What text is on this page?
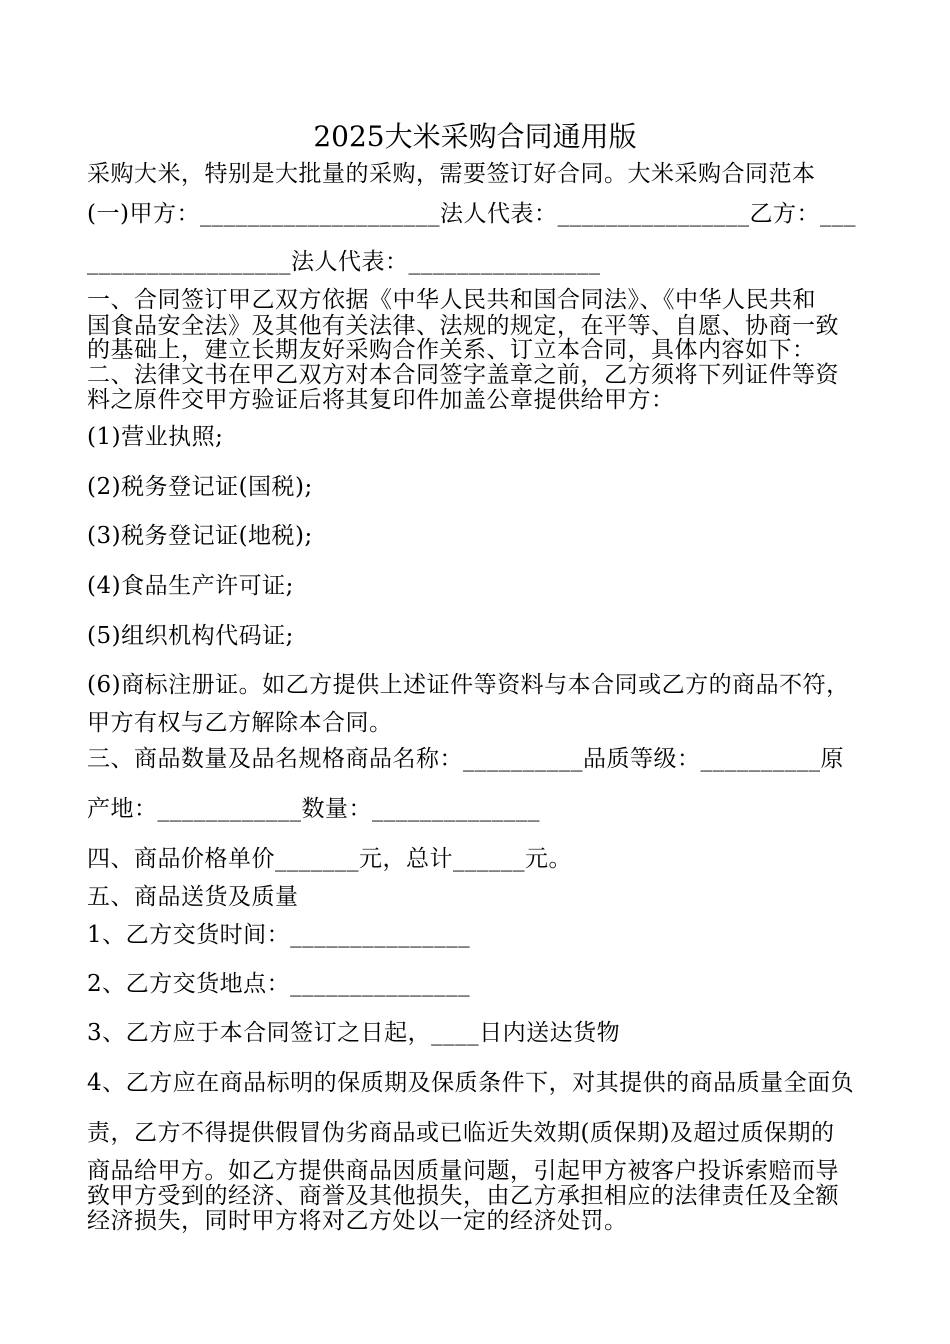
2025大米采购合同通用版
采购大米，特别是大批量的采购，需要签订好合同。大米采购合同范本
(一)甲方：____________________法人代表：________________乙方：___
_________________法人代表：________________
一、合同签订甲乙双方依据《中华人民共和国合同法》、《中华人民共和
国食品安全法》及其他有关法律、法规的规定，在平等、自愿、协商一致
的基础上，建立长期友好采购合作关系、订立本合同，具体内容如下：
二、法律文书在甲乙双方对本合同签字盖章之前，乙方须将下列证件等资
料之原件交甲方验证后将其复印件加盖公章提供给甲方：
(1)营业执照;
(2)税务登记证(国税);
(3)税务登记证(地税);
(4)食品生产许可证;
(5)组织机构代码证;
(6)商标注册证。如乙方提供上述证件等资料与本合同或乙方的商品不符，
甲方有权与乙方解除本合同。
三、商品数量及品名规格商品名称：__________品质等级：__________原
产地：____________数量：______________
四、商品价格单价_______元，总计______元。
五、商品送货及质量
1、乙方交货时间：_______________
2、乙方交货地点：_______________
3、乙方应于本合同签订之日起，____日内送达货物
4、乙方应在商品标明的保质期及保质条件下，对其提供的商品质量全面负
责，乙方不得提供假冒伪劣商品或已临近失效期(质保期)及超过质保期的
商品给甲方。如乙方提供商品因质量问题，引起甲方被客户投诉索赔而导
致甲方受到的经济、商誉及其他损失，由乙方承担相应的法律责任及全额
经济损失，同时甲方将对乙方处以一定的经济处罚。
